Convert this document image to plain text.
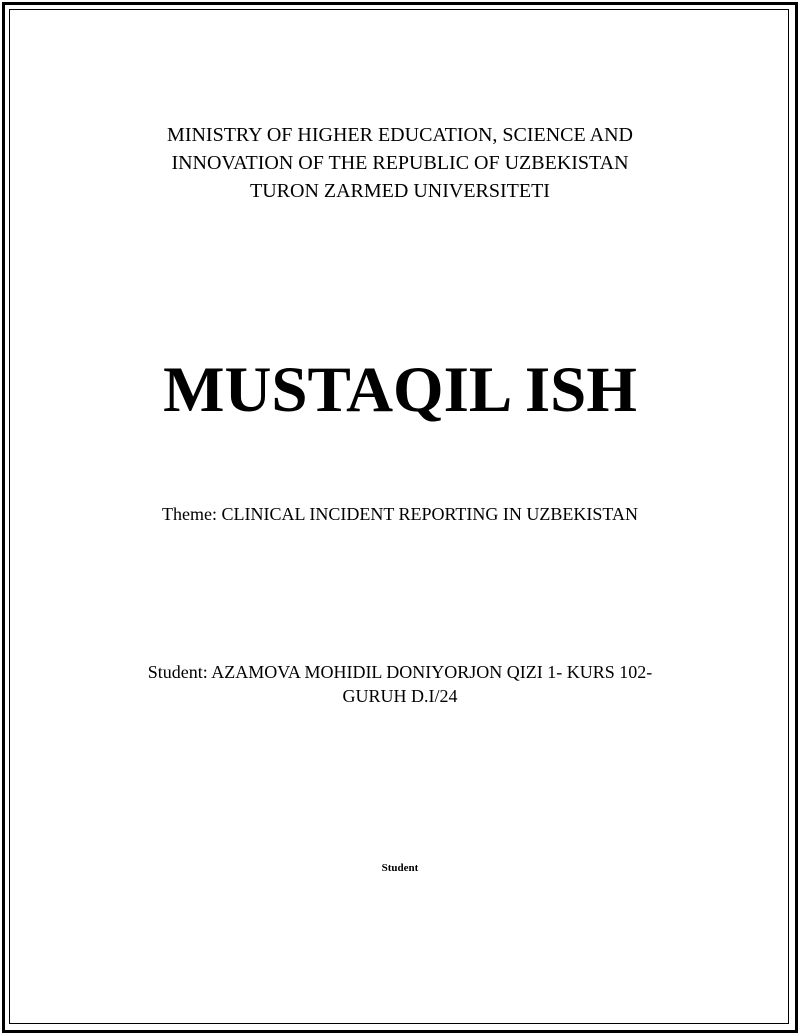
MINISTRY OF HIGHER EDUCATION, SCIENCE AND
INNOVATION OF THE REPUBLIC OF UZBEKISTAN
TURON ZARMED UNIVERSITETI
MUSTAQIL ISH
Theme: CLINICAL INCIDENT REPORTING IN UZBEKISTAN
Student: AZAMOVA MOHIDIL DONIYORJON QIZI 1- KURS 102-
GURUH D.I/24
Student
